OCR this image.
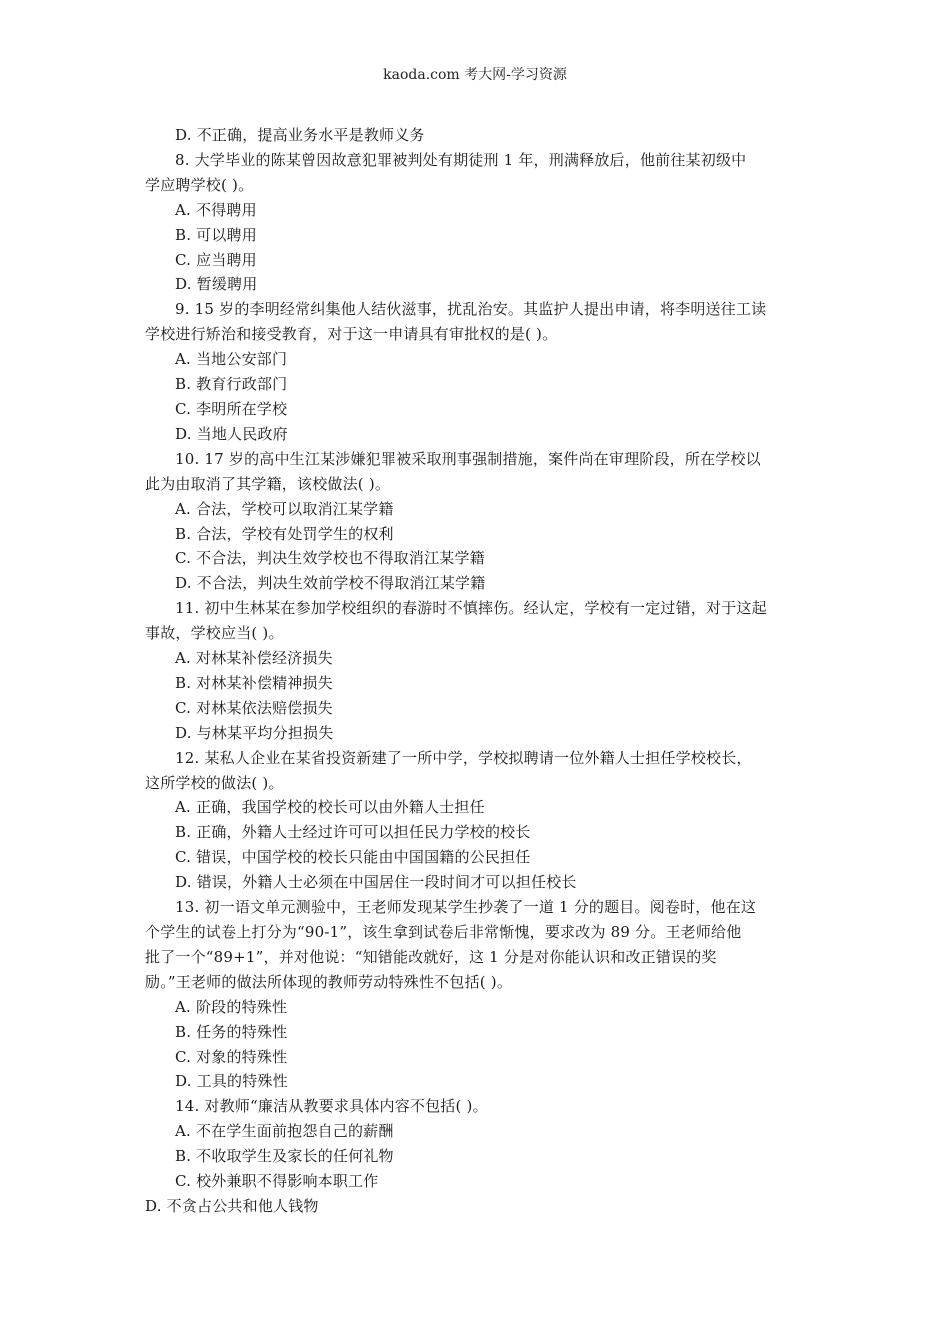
kaoda.com 考大网-学习资源
D. 不正确，提高业务水平是教师义务
8. 大学毕业的陈某曾因故意犯罪被判处有期徒刑 1 年，刑满释放后，他前往某初级中
学应聘学校( )。
A. 不得聘用
B. 可以聘用
C. 应当聘用
D. 暂缓聘用
9. 15 岁的李明经常纠集他人结伙滋事，扰乱治安。其监护人提出申请，将李明送往工读
学校进行矫治和接受教育，对于这一申请具有审批权的是( )。
A. 当地公安部门
B. 教育行政部门
C. 李明所在学校
D. 当地人民政府
10. 17 岁的高中生江某涉嫌犯罪被采取刑事强制措施，案件尚在审理阶段，所在学校以
此为由取消了其学籍，该校做法( )。
A. 合法，学校可以取消江某学籍
B. 合法，学校有处罚学生的权利
C. 不合法，判决生效学校也不得取消江某学籍
D. 不合法，判决生效前学校不得取消江某学籍
11. 初中生林某在参加学校组织的春游时不慎摔伤。经认定，学校有一定过错，对于这起
事故，学校应当( )。
A. 对林某补偿经济损失
B. 对林某补偿精神损失
C. 对林某依法赔偿损失
D. 与林某平均分担损失
12. 某私人企业在某省投资新建了一所中学，学校拟聘请一位外籍人士担任学校校长，
这所学校的做法( )。
A. 正确，我国学校的校长可以由外籍人士担任
B. 正确，外籍人士经过许可可以担任民力学校的校长
C. 错误，中国学校的校长只能由中国国籍的公民担任
D. 错误，外籍人士必须在中国居住一段时间才可以担任校长
13. 初一语文单元测验中，王老师发现某学生抄袭了一道 1 分的题目。阅卷时，他在这
个学生的试卷上打分为“90-1”，该生拿到试卷后非常惭愧，要求改为 89 分。王老师给他
批了一个“89+1”，并对他说：“知错能改就好，这 1 分是对你能认识和改正错误的奖
励。”王老师的做法所体现的教师劳动特殊性不包括( )。
A. 阶段的特殊性
B. 任务的特殊性
C. 对象的特殊性
D. 工具的特殊性
14. 对教师“廉洁从教要求具体内容不包括( )。
A. 不在学生面前抱怨自己的薪酬
B. 不收取学生及家长的任何礼物
C. 校外兼职不得影响本职工作
D. 不贪占公共和他人钱物
